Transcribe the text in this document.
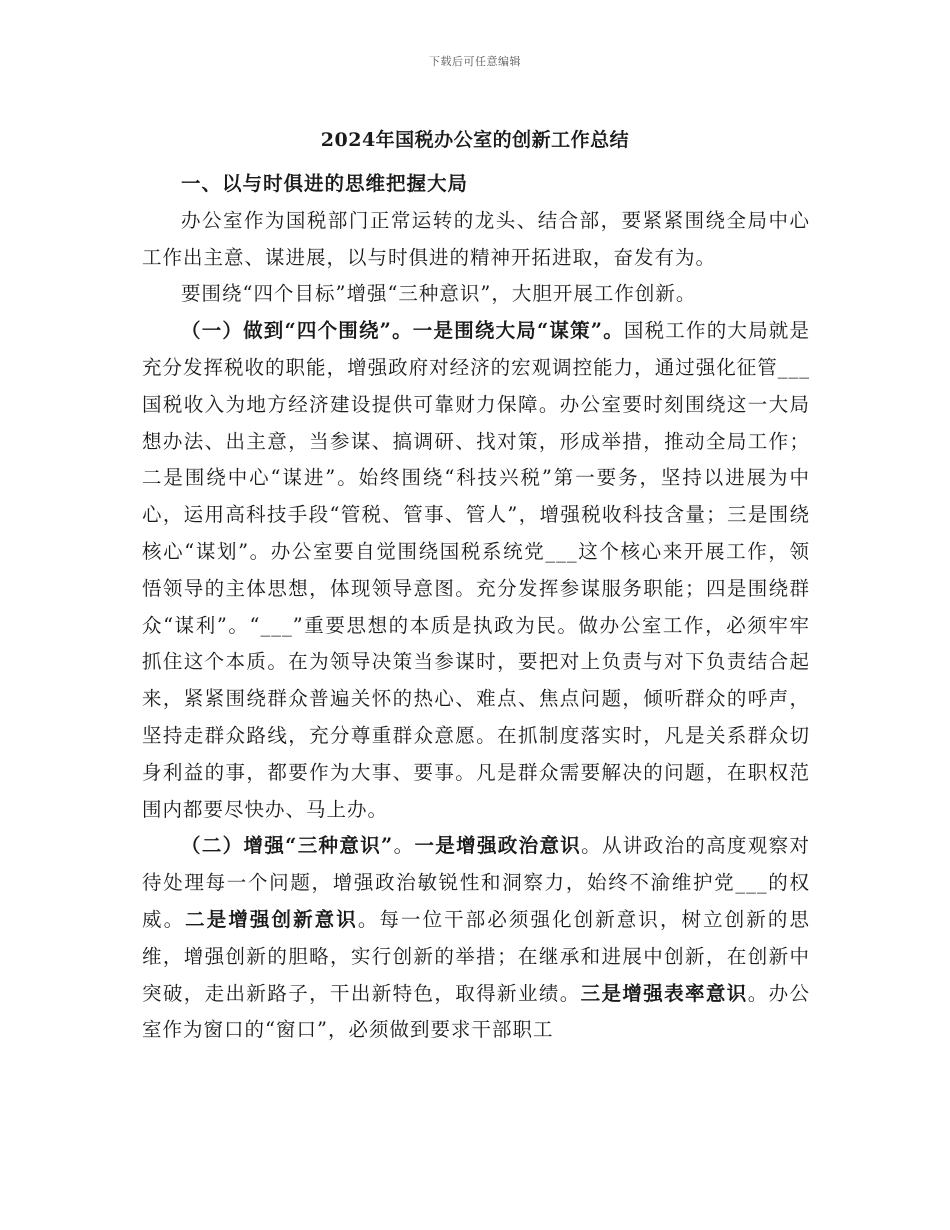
下载后可任意编辑
2024年国税办公室的创新工作总结

一、以与时俱进的思维把握大局

办公室作为国税部门正常运转的龙头、结合部，要紧紧围绕全局中心工作出主意、谋进展，以与时俱进的精神开拓进取，奋发有为。

要围绕“四个目标”增强“三种意识”，大胆开展工作创新。

（一）做到“四个围绕”。一是围绕大局“谋策”。国税工作的大局就是充分发挥税收的职能，增强政府对经济的宏观调控能力，通过强化征管___国税收入为地方经济建设提供可靠财力保障。办公室要时刻围绕这一大局想办法、出主意，当参谋、搞调研、找对策，形成举措，推动全局工作；二是围绕中心“谋进”。始终围绕“科技兴税”第一要务，坚持以进展为中心，运用高科技手段“管税、管事、管人”，增强税收科技含量；三是围绕核心“谋划”。办公室要自觉围绕国税系统党___这个核心来开展工作，领悟领导的主体思想，体现领导意图。充分发挥参谋服务职能；四是围绕群众“谋利”。“___”重要思想的本质是执政为民。做办公室工作，必须牢牢抓住这个本质。在为领导决策当参谋时，要把对上负责与对下负责结合起来，紧紧围绕群众普遍关怀的热心、难点、焦点问题，倾听群众的呼声，坚持走群众路线，充分尊重群众意愿。在抓制度落实时，凡是关系群众切身利益的事，都要作为大事、要事。凡是群众需要解决的问题，在职权范围内都要尽快办、马上办。

（二）增强“三种意识”。一是增强政治意识。从讲政治的高度观察对待处理每一个问题，增强政治敏锐性和洞察力，始终不渝维护党___的权威。二是增强创新意识。每一位干部必须强化创新意识，树立创新的思维，增强创新的胆略，实行创新的举措；在继承和进展中创新，在创新中突破，走出新路子，干出新特色，取得新业绩。三是增强表率意识。办公室作为窗口的“窗口”，必须做到要求干部职工
